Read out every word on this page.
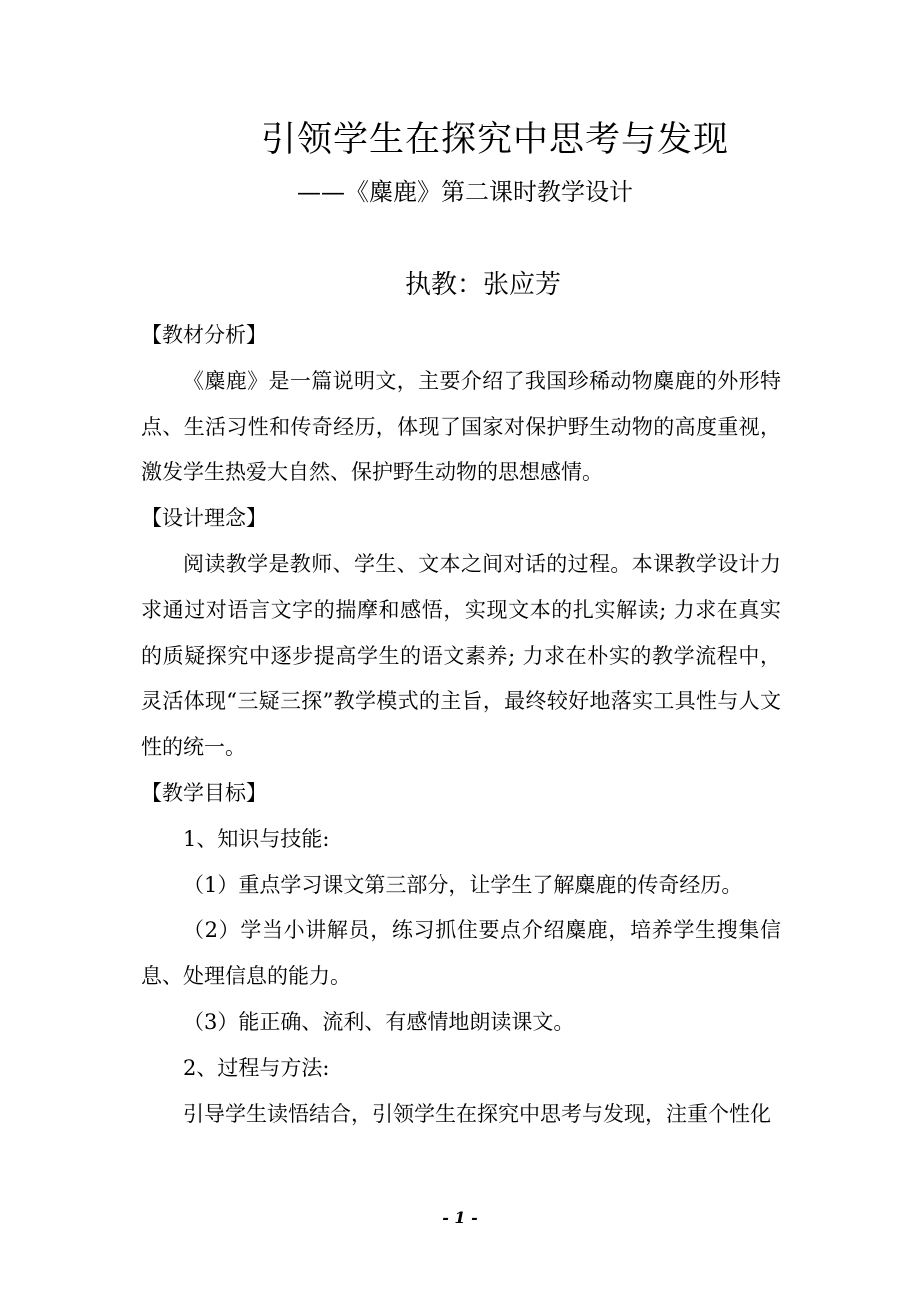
引领学生在探究中思考与发现
——《麋鹿》第二课时教学设计
执教：张应芳

【教材分析】

《麋鹿》是一篇说明文，主要介绍了我国珍稀动物麋鹿的外形特点、生活习性和传奇经历，体现了国家对保护野生动物的高度重视，激发学生热爱大自然、保护野生动物的思想感情。

【设计理念】

阅读教学是教师、学生、文本之间对话的过程。本课教学设计力求通过对语言文字的揣摩和感悟，实现文本的扎实解读; 力求在真实的质疑探究中逐步提高学生的语文素养; 力求在朴实的教学流程中，灵活体现“三疑三探”教学模式的主旨，最终较好地落实工具性与人文性的统一。

【教学目标】

1、知识与技能:

（1）重点学习课文第三部分，让学生了解麋鹿的传奇经历。

（2）学当小讲解员，练习抓住要点介绍麋鹿，培养学生搜集信息、处理信息的能力。

（3）能正确、流利、有感情地朗读课文。

2、过程与方法:

引导学生读悟结合，引领学生在探究中思考与发现，注重个性化

- 1 -
